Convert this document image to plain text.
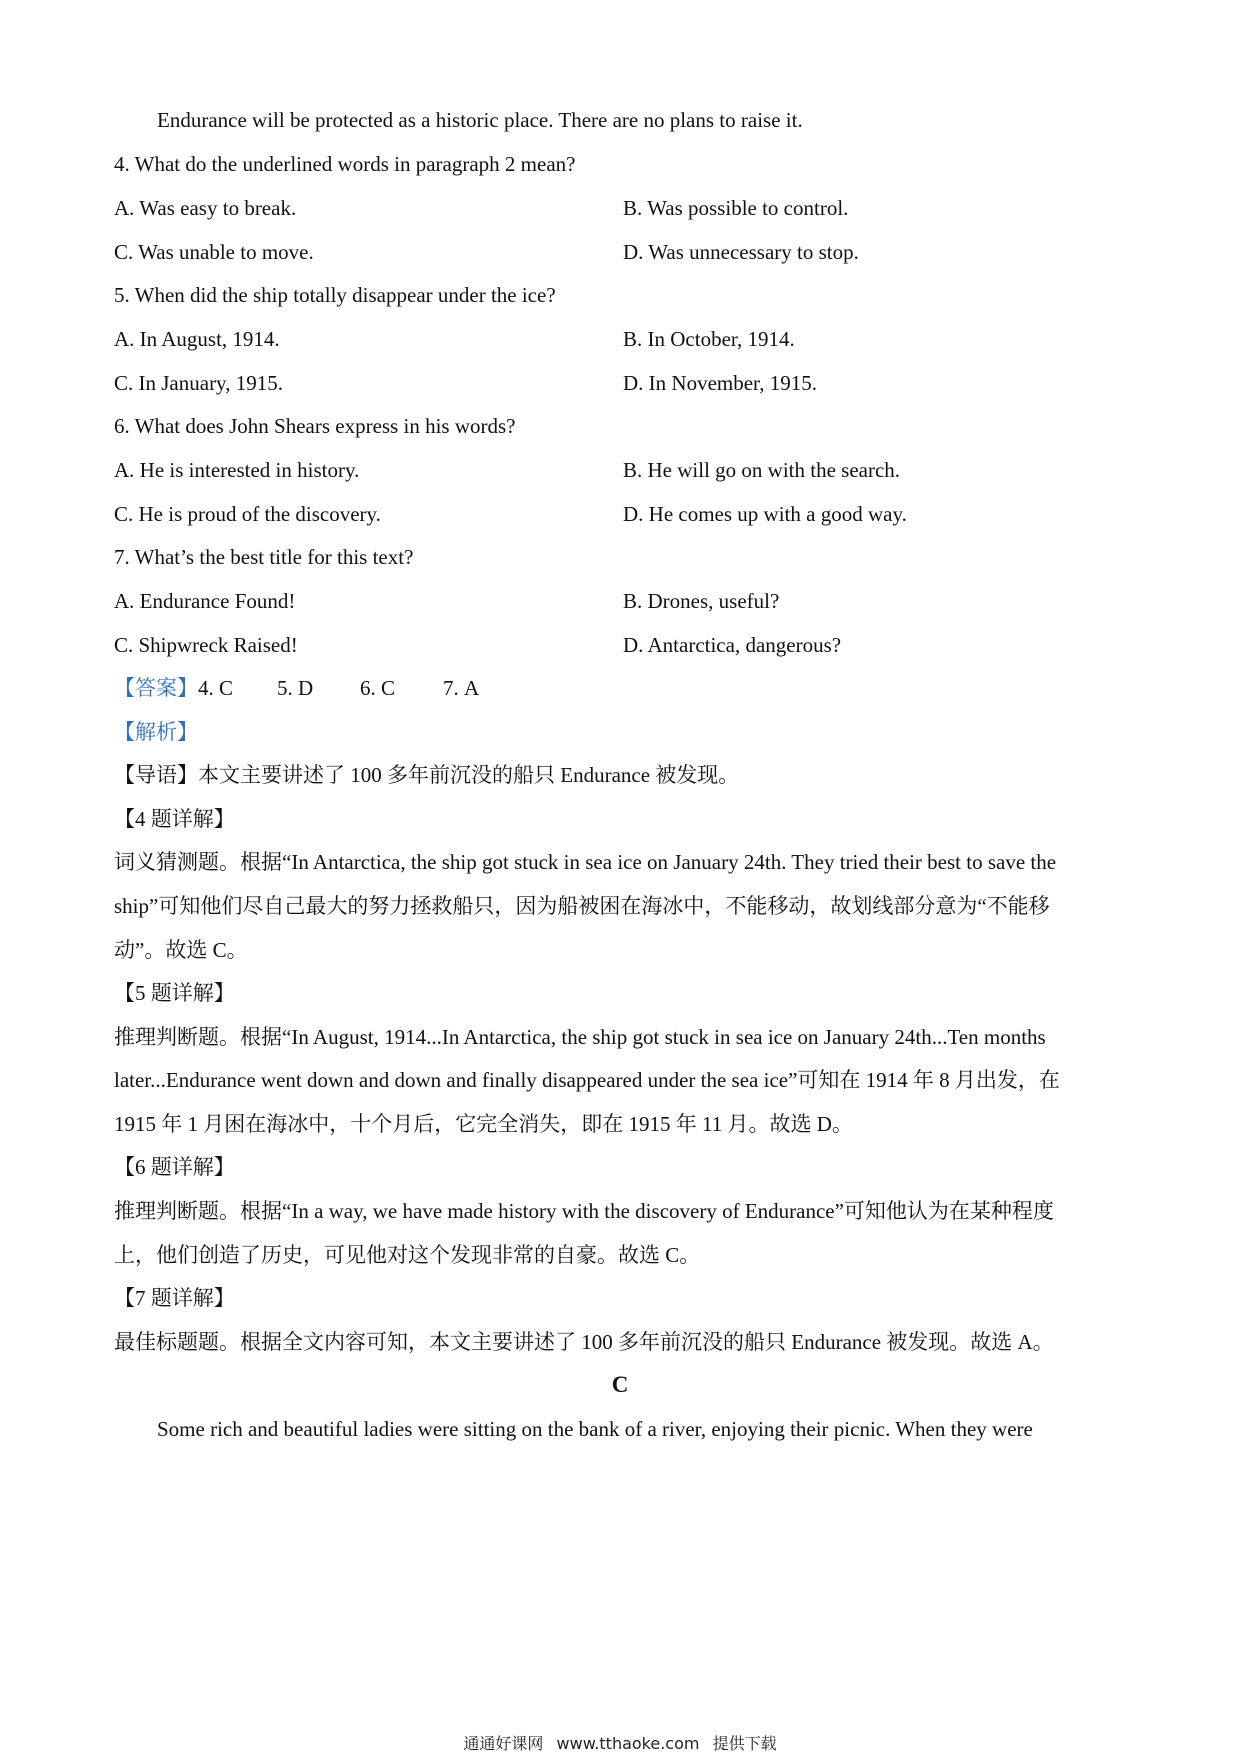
Endurance will be protected as a historic place. There are no plans to raise it.
4. What do the underlined words in paragraph 2 mean?
A. Was easy to break.	B. Was possible to control.
C. Was unable to move.	D. Was unnecessary to stop.
5. When did the ship totally disappear under the ice?
A. In August, 1914.	B. In October, 1914.
C. In January, 1915.	D. In November, 1915.
6. What does John Shears express in his words?
A. He is interested in history.	B. He will go on with the search.
C. He is proud of the discovery.	D. He comes up with a good way.
7. What’s the best title for this text?
A. Endurance Found!	B. Drones, useful?
C. Shipwreck Raised!	D. Antarctica, dangerous?
【答案】4. C 5. D 6. C 7. A
【解析】
【导语】本文主要讲述了 100 多年前沉没的船只 Endurance 被发现。
【4 题详解】
词义猜测题。根据“In Antarctica, the ship got stuck in sea ice on January 24th. They tried their best to save the
ship”可知他们尽自己最大的努力拯救船只，因为船被困在海冰中，不能移动，故划线部分意为“不能移
动”。故选 C。
【5 题详解】
推理判断题。根据“In August, 1914...In Antarctica, the ship got stuck in sea ice on January 24th...Ten months
later...Endurance went down and down and finally disappeared under the sea ice”可知在 1914 年 8 月出发，在
1915 年 1 月困在海冰中，十个月后，它完全消失，即在 1915 年 11 月。故选 D。
【6 题详解】
推理判断题。根据“In a way, we have made history with the discovery of Endurance”可知他认为在某种程度
上，他们创造了历史，可见他对这个发现非常的自豪。故选 C。
【7 题详解】
最佳标题题。根据全文内容可知，本文主要讲述了 100 多年前沉没的船只 Endurance 被发现。故选 A。
C
Some rich and beautiful ladies were sitting on the bank of a river, enjoying their picnic. When they were
通通好课网 www.tthaoke.com 提供下载
